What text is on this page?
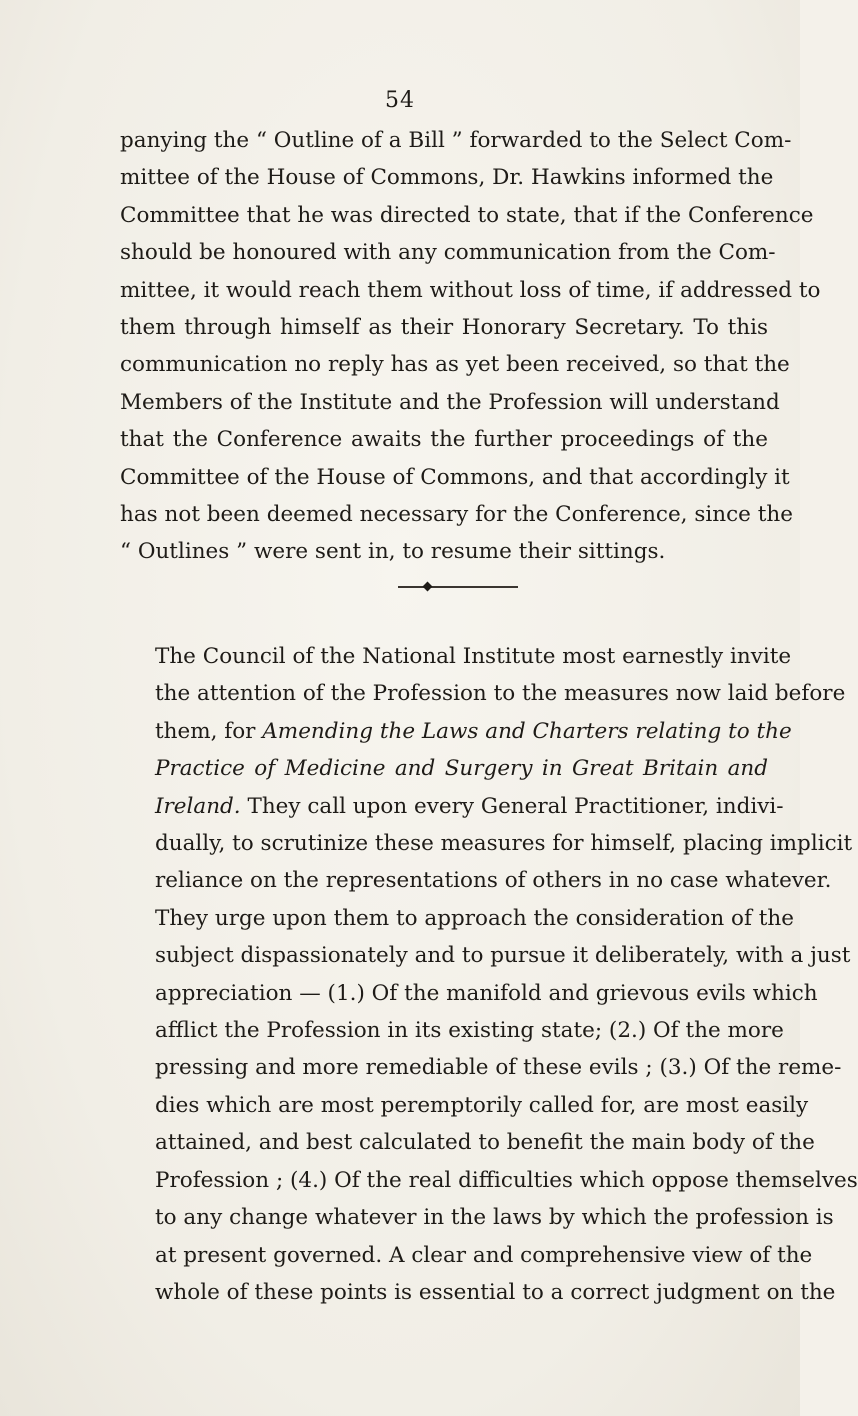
54
panying the “ Outline of a Bill ” forwarded to the Select Com-
mittee of the House of Commons, Dr. Hawkins informed the
Committee that he was directed to state, that if the Conference
should be honoured with any communication from the Com-
mittee, it would reach them without loss of time, if addressed to
them through himself as their Honorary Secretary. To this
communication no reply has as yet been received, so that the
Members of the Institute and the Profession will understand
that the Conference awaits the further proceedings of the
Committee of the House of Commons, and that accordingly it
has not been deemed necessary for the Conference, since the
“ Outlines ” were sent in, to resume their sittings.
The Council of the National Institute most earnestly invite
the attention of the Profession to the measures now laid before
them, for Amending the Laws and Charters relating to the
Practice of Medicine and Surgery in Great Britain and
Ireland. They call upon every General Practitioner, indivi-
dually, to scrutinize these measures for himself, placing implicit
reliance on the representations of others in no case whatever.
They urge upon them to approach the consideration of the
subject dispassionately and to pursue it deliberately, with a just
appreciation — (1.) Of the manifold and grievous evils which
afflict the Profession in its existing state; (2.) Of the more
pressing and more remediable of these evils ; (3.) Of the reme-
dies which are most peremptorily called for, are most easily
attained, and best calculated to benefit the main body of the
Profession ; (4.) Of the real difficulties which oppose themselves
to any change whatever in the laws by which the profession is
at present governed. A clear and comprehensive view of the
whole of these points is essential to a correct judgment on the
